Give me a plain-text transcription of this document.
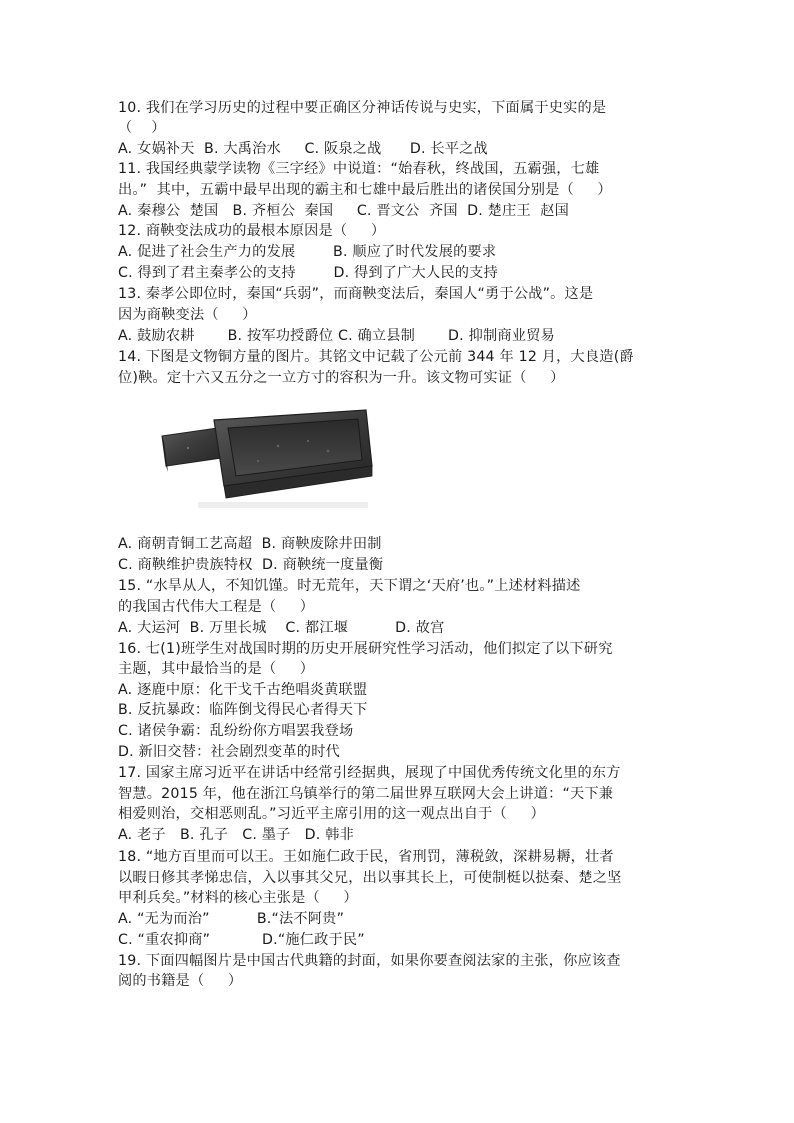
10. 我们在学习历史的过程中要正确区分神话传说与史实，下面属于史实的是
（    ）
A. 女娲补天  B. 大禹治水     C. 阪泉之战      D. 长平之战
11. 我国经典蒙学读物《三字经》中说道：“始春秋，终战国，五霸强，七雄
出。”  其中，五霸中最早出现的霸主和七雄中最后胜出的诸侯国分别是（     ）
A. 秦穆公  楚国   B. 齐桓公  秦国     C. 晋文公  齐国  D. 楚庄王  赵国
12. 商鞅变法成功的最根本原因是（     ）
A. 促进了社会生产力的发展        B. 顺应了时代发展的要求
C. 得到了君主秦孝公的支持        D. 得到了广大人民的支持
13. 秦孝公即位时，秦国“兵弱”，而商鞅变法后，秦国人“勇于公战”。这是
因为商鞅变法（     ）
A. 鼓励农耕       B. 按军功授爵位 C. 确立县制       D. 抑制商业贸易
14. 下图是文物铜方量的图片。其铭文中记载了公元前 344 年 12 月，大良造(爵
位)鞅。定十六又五分之一立方寸的容积为一升。该文物可实证（     ）
A. 商朝青铜工艺高超  B. 商鞅废除井田制
C. 商鞅维护贵族特权  D. 商鞅统一度量衡
15. “水旱从人，不知饥馑。时无荒年，天下谓之‘天府’也。”上述材料描述
的我国古代伟大工程是（     ）
A. 大运河  B. 万里长城    C. 都江堰          D. 故宫
16. 七(1)班学生对战国时期的历史开展研究性学习活动，他们拟定了以下研究
主题，其中最恰当的是（     ）
A. 逐鹿中原：化干戈千古绝唱炎黄联盟
B. 反抗暴政：临阵倒戈得民心者得天下
C. 诸侯争霸：乱纷纷你方唱罢我登场
D. 新旧交替：社会剧烈变革的时代
17. 国家主席习近平在讲话中经常引经据典，展现了中国优秀传统文化里的东方
智慧。2015 年，他在浙江乌镇举行的第二届世界互联网大会上讲道：“天下兼
相爱则治，交相恶则乱。”习近平主席引用的这一观点出自于（     ）
A. 老子   B. 孔子   C. 墨子   D. 韩非
18. “地方百里而可以王。王如施仁政于民，省刑罚，薄税敛，深耕易耨，壮者
以暇日修其孝悌忠信，入以事其父兄，出以事其长上，可使制梃以挞秦、楚之坚
甲利兵矣。”材料的核心主张是（     ）
A. “无为而治”          B.“法不阿贵”
C. “重农抑商”           D.“施仁政于民”
19. 下面四幅图片是中国古代典籍的封面，如果你要查阅法家的主张，你应该查
阅的书籍是（     ）
